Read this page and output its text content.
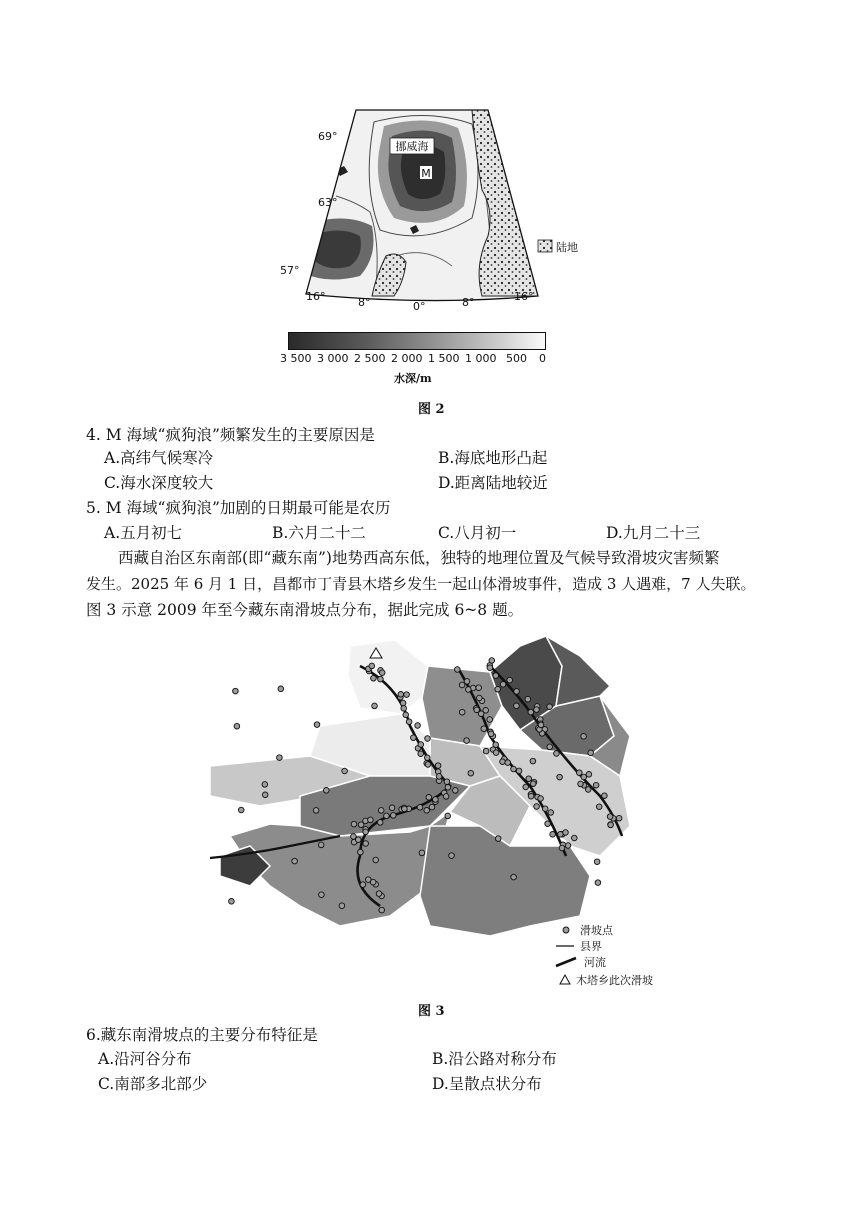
挪威海
M
69°
63°
57°
16°	8°	0°	8°	16°
陆地
3 500 3 000 2 500 2 000 1 500 1 000 500 0
水深/m
图 2
4. M 海域“疯狗浪”频繁发生的主要原因是
A.高纬气候寒冷	B.海底地形凸起
C.海水深度较大	D.距离陆地较近
5. M 海域“疯狗浪”加剧的日期最可能是农历
A.五月初七	B.六月二十二	C.八月初一	D.九月二十三
西藏自治区东南部(即“藏东南”)地势西高东低，独特的地理位置及气候导致滑坡灾害频繁
发生。2025 年 6 月 1 日，昌都市丁青县木塔乡发生一起山体滑坡事件，造成 3 人遇难，7 人失联。
图 3 示意 2009 年至今藏东南滑坡点分布，据此完成 6~8 题。
滑坡点
县界
河流
木塔乡此次滑坡
图 3
6.藏东南滑坡点的主要分布特征是
A.沿河谷分布	B.沿公路对称分布
C.南部多北部少	D.呈散点状分布
